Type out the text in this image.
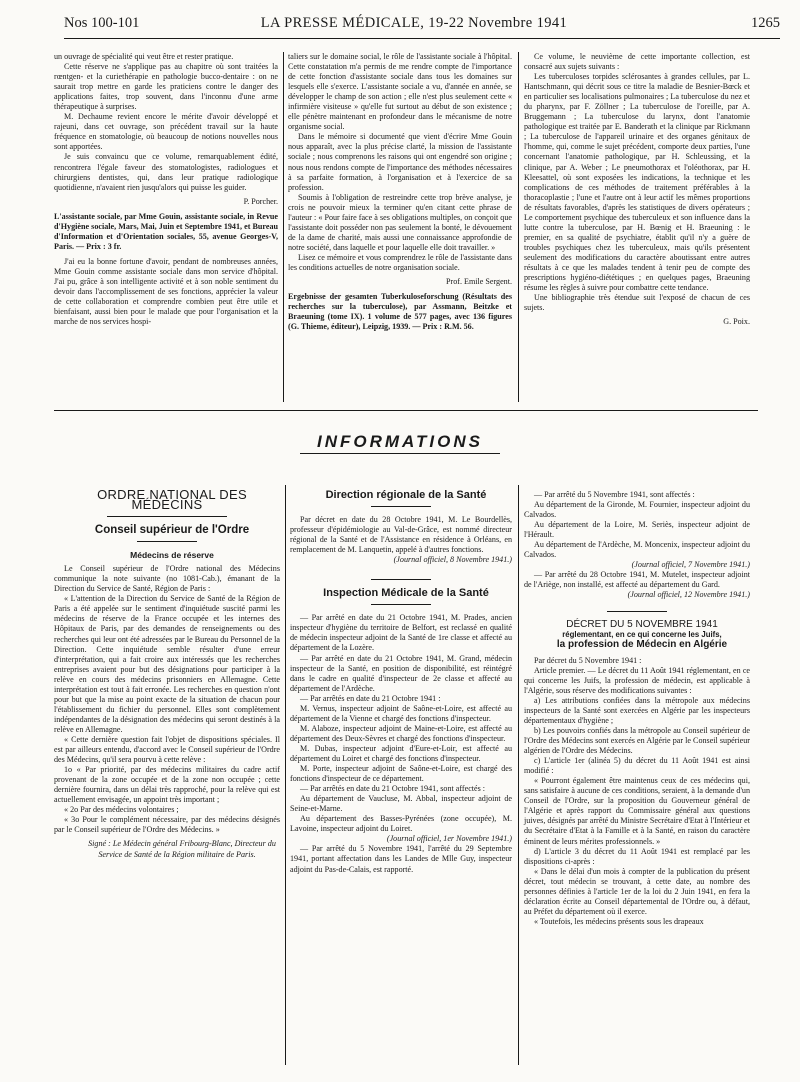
Nos 100-101	LA PRESSE MÉDICALE, 19-22 Novembre 1941	1265

un ouvrage de spécialité qui veut être et rester pratique.

Cette réserve ne s'applique pas au chapitre où sont traitées la rœntgen- et la curiethérapie en pathologie bucco-dentaire : on ne saurait trop mettre en garde les praticiens contre le danger des applications faites, trop souvent, dans l'inconnu d'une arme thérapeutique à surprises.

M. Dechaume revient encore le mérite d'avoir développé et rajeuni, dans cet ouvrage, son précédent travail sur la haute fréquence en stomatologie, où beaucoup de notions nouvelles nous sont apportées.

Je suis convaincu que ce volume, remarquablement édité, rencontrera l'égale faveur des stomatologistes, radiologues et chirurgiens dentistes, qui, dans leur pratique radiologique quotidienne, n'avaient rien jusqu'alors qui puisse les guider.

P. Porcher.

L'assistante sociale, par Mme Gouin, assistante sociale, in Revue d'Hygiène sociale, Mars, Mai, Juin et Septembre 1941, et Bureau d'Information et d'Orientation sociales, 55, avenue Georges-V, Paris. — Prix : 3 fr.

J'ai eu la bonne fortune d'avoir, pendant de nombreuses années, Mme Gouin comme assistante sociale dans mon service d'hôpital. J'ai pu, grâce à son intelligente activité et à son noble sentiment du devoir dans l'accomplissement de ses fonctions, apprécier la valeur de cette collaboration et comprendre combien peut être utile et bienfaisant, aussi bien pour le malade que pour l'organisation et la marche de nos services hospi-

taliers sur le domaine social, le rôle de l'assistante sociale à l'hôpital. Cette constatation m'a permis de me rendre compte de l'importance de cette fonction d'assistante sociale dans tous les domaines sur lesquels elle s'exerce. L'assistante sociale a vu, d'année en année, se développer le champ de son action ; elle n'est plus seulement cette « infirmière visiteuse » qu'elle fut surtout au début de son existence ; elle pénètre maintenant en profondeur dans le mécanisme de notre organisme social.

Dans le mémoire si documenté que vient d'écrire Mme Gouin nous apparaît, avec la plus précise clarté, la mission de l'assistante sociale ; nous comprenons les raisons qui ont engendré son origine ; nous nous rendons compte de l'importance des méthodes nécessaires à sa parfaite formation, à l'organisation et à l'exercice de sa profession.

Soumis à l'obligation de restreindre cette trop brève analyse, je crois ne pouvoir mieux la terminer qu'en citant cette phrase de l'auteur : « Pour faire face à ses obligations multiples, on conçoit que l'assistante doit posséder non pas seulement la bonté, le dévouement de la dame de charité, mais aussi une connaissance approfondie de notre société, dans laquelle et pour laquelle elle doit travailler. »

Lisez ce mémoire et vous comprendrez le rôle de l'assistante dans les conditions actuelles de notre organisation sociale.

Prof. Emile Sergent.

Ergebnisse der gesamten Tuberkuloseforschung (Résultats des recherches sur la tuberculose), par Assmann, Beitzke et Braeuning (tome IX). 1 volume de 577 pages, avec 136 figures (G. Thieme, éditeur), Leipzig, 1939. — Prix : R.M. 56.

Ce volume, le neuvième de cette importante collection, est consacré aux sujets suivants :

Les tuberculoses torpides sclérosantes à grandes cellules, par L. Hantschmann, qui décrit sous ce titre la maladie de Besnier-Bœck et en particulier ses localisations pulmonaires ; La tuberculose du nez et du pharynx, par F. Zöllner ; La tuberculose de l'oreille, par A. Bruggemann ; La tuberculose du larynx, dont l'anatomie pathologique est traitée par E. Banderath et la clinique par Rickmann ; La tuberculose de l'appareil urinaire et des organes génitaux de l'homme, qui, comme le sujet précédent, comporte deux parties, l'une concernant l'anatomie pathologique, par H. Schleussing, et la clinique, par A. Weber ; Le pneumothorax et l'oléothorax, par H. Kleesattel, où sont exposées les indications, la technique et les complications de ces méthodes de traitement préférables à la thoracoplastie ; l'une et l'autre ont à leur actif les mêmes proportions de résultats favorables, d'après les statistiques de divers opérateurs ; Le comportement psychique des tuberculeux et son influence dans la lutte contre la tuberculose, par H. Bœnig et H. Braeuning : le premier, en sa qualité de psychiatre, établit qu'il n'y a guère de troubles psychiques chez les tuberculeux, mais qu'ils présentent seulement des modifications du caractère aboutissant entre autres résultats à ce que les malades tendent à tenir peu de compte des prescriptions hygiéno-diététiques ; en quelques pages, Braeuning résume les règles à suivre pour combattre cette tendance.

Une bibliographie très étendue suit l'exposé de chacun de ces sujets.

G. Poix.

INFORMATIONS

ORDRE NATIONAL DES MÉDECINS

Conseil supérieur de l'Ordre

Médecins de réserve

Le Conseil supérieur de l'Ordre national des Médecins communique la note suivante (no 1081-Cab.), émanant de la Direction du Service de Santé, Région de Paris :

« L'attention de la Direction du Service de Santé de la Région de Paris a été appelée sur le sentiment d'inquiétude suscité parmi les médecins de réserve de la France occupée et les internes des Hôpitaux de Paris, par des demandes de renseignements ou des recherches qui leur ont été adressées par le Bureau du Personnel de la Direction. Cette inquiétude semble résulter d'une erreur d'interprétation, qui a fait croire aux intéressés que les recherches entreprises avaient pour but des désignations pour participer à la relève en cours des médecins prisonniers en Allemagne. Cette interprétation est tout à fait erronée. Les recherches en question n'ont pour but que la mise au point exacte de la situation de chacun pour l'établissement du fichier du personnel. Elles sont complètement indépendantes de la désignation des médecins qui seront destinés à la relève en Allemagne.

« Cette dernière question fait l'objet de dispositions spéciales. Il est par ailleurs entendu, d'accord avec le Conseil supérieur de l'Ordre des Médecins, qu'il sera pourvu à cette relève :

1o « Par priorité, par des médecins militaires du cadre actif provenant de la zone occupée et de la zone non occupée ; cette dernière fournira, dans un délai très rapproché, pour la relève qui est actuellement envisagée, un appoint très important ;

« 2o Par des médecins volontaires ;

« 3o Pour le complément nécessaire, par des médecins désignés par le Conseil supérieur de l'Ordre des Médecins. »

Signé : Le Médecin général Fribourg-Blanc, Directeur du Service de Santé de la Région militaire de Paris.

Direction régionale de la Santé

Par décret en date du 28 Octobre 1941, M. Le Bourdellès, professeur d'épidémiologie au Val-de-Grâce, est nommé directeur régional de la Santé et de l'Assistance en résidence à Orléans, en remplacement de M. Lanquetin, appelé à d'autres fonctions.

(Journal officiel, 8 Novembre 1941.)

Inspection Médicale de la Santé

— Par arrêté en date du 21 Octobre 1941, M. Prades, ancien inspecteur d'hygiène du territoire de Belfort, est reclassé en qualité de médecin inspecteur adjoint de la Santé de 1re classe et affecté au département de la Lozère.

— Par arrêté en date du 21 Octobre 1941, M. Grand, médecin inspecteur de la Santé, en position de disponibilité, est réintégré dans le cadre en qualité d'inspecteur de 2e classe et affecté au département de l'Ardèche.

— Par arrêtés en date du 21 Octobre 1941 :

M. Vernus, inspecteur adjoint de Saône-et-Loire, est affecté au département de la Vienne et chargé des fonctions d'inspecteur.

M. Alaboze, inspecteur adjoint de Maine-et-Loire, est affecté au département des Deux-Sèvres et chargé des fonctions d'inspecteur.

M. Dubas, inspecteur adjoint d'Eure-et-Loir, est affecté au département du Loiret et chargé des fonctions d'inspecteur.

M. Porte, inspecteur adjoint de Saône-et-Loire, est chargé des fonctions d'inspecteur de ce département.

— Par arrêtés en date du 21 Octobre 1941, sont affectés :

Au département de Vaucluse, M. Abbal, inspecteur adjoint de Seine-et-Marne.

Au département des Basses-Pyrénées (zone occupée), M. Lavoine, inspecteur adjoint du Loiret.

(Journal officiel, 1er Novembre 1941.)

— Par arrêté du 5 Novembre 1941, l'arrêté du 29 Septembre 1941, portant affectation dans les Landes de Mlle Guy, inspecteur adjoint du Pas-de-Calais, est rapporté.

— Par arrêté du 5 Novembre 1941, sont affectés :

Au département de la Gironde, M. Fournier, inspecteur adjoint du Calvados.

Au département de la Loire, M. Seriès, inspecteur adjoint de l'Hérault.

Au département de l'Ardèche, M. Moncenix, inspecteur adjoint du Calvados.

(Journal officiel, 7 Novembre 1941.)

— Par arrêté du 28 Octobre 1941, M. Mutelet, inspecteur adjoint de l'Ariège, non installé, est affecté au département du Gard.

(Journal officiel, 12 Novembre 1941.)

DÉCRET DU 5 NOVEMBRE 1941

réglementant, en ce qui concerne les Juifs,

la profession de Médecin en Algérie

Par décret du 5 Novembre 1941 :

Article premier. — Le décret du 11 Août 1941 réglementant, en ce qui concerne les Juifs, la profession de médecin, est applicable à l'Algérie, sous réserve des modifications suivantes :

a) Les attributions confiées dans la métropole aux médecins inspecteurs de la Santé sont exercées en Algérie par les inspecteurs départementaux d'hygiène ;

b) Les pouvoirs confiés dans la métropole au Conseil supérieur de l'Ordre des Médecins sont exercés en Algérie par le Conseil supérieur algérien de l'Ordre des Médecins.

c) L'article 1er (alinéa 5) du décret du 11 Août 1941 est ainsi modifié :

« Pourront également être maintenus ceux de ces médecins qui, sans satisfaire à aucune de ces conditions, seraient, à la demande d'un Conseil de l'Ordre, sur la proposition du Gouverneur général de l'Algérie et après rapport du Commissaire général aux questions juives, désignés par arrêté du Ministre Secrétaire d'Etat à l'Intérieur et du Secrétaire d'Etat à la Famille et à la Santé, en raison du caractère éminent de leurs mérites professionnels. »

d) L'article 3 du décret du 11 Août 1941 est remplacé par les dispositions ci-après :

« Dans le délai d'un mois à compter de la publication du présent décret, tout médecin se trouvant, à cette date, au nombre des personnes définies à l'article 1er de la loi du 2 Juin 1941, en fera la déclaration écrite au Conseil départemental de l'Ordre ou, à défaut, au Préfet du département où il exerce.

« Toutefois, les médecins présents sous les drapeaux
